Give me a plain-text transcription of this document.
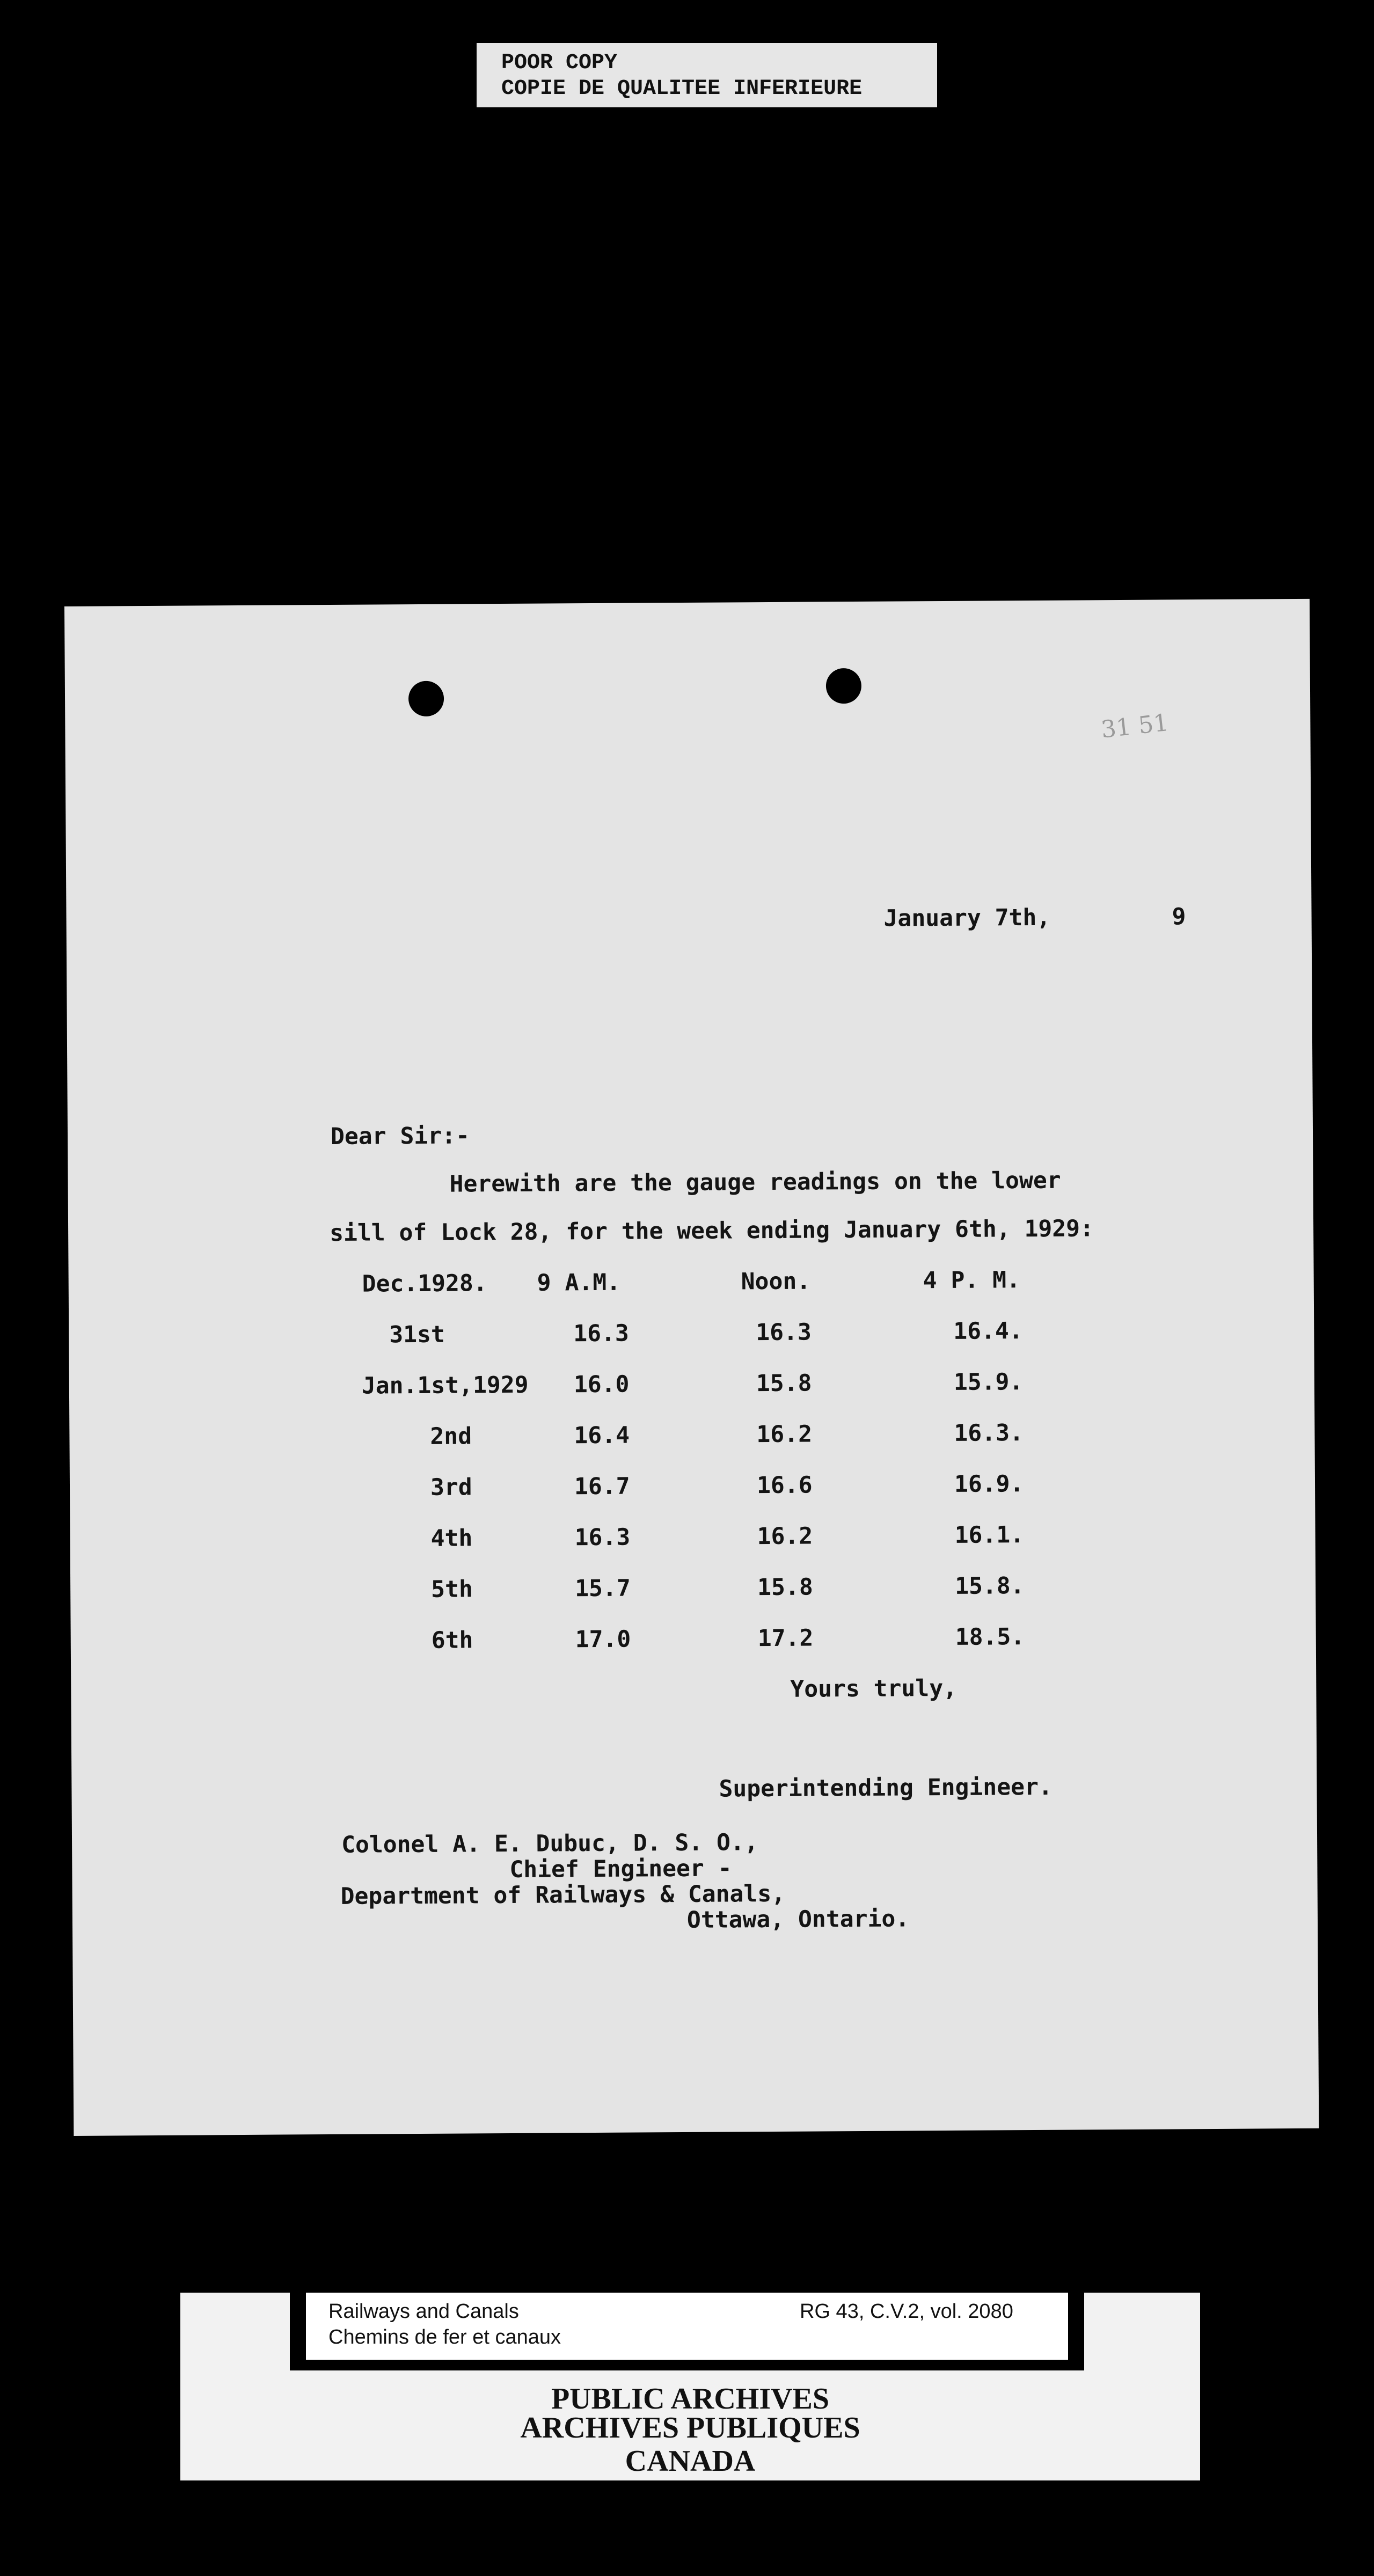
POOR COPY
COPIE DE QUALITEE INFERIEURE
31 51
January 7th,	9
Dear Sir:-
Herewith are the gauge readings on the lower
sill of Lock 28, for the week ending January 6th, 1929:
Dec.1928. 9 A.M.	Noon.	4 P. M.
31st	16.3	16.3	16.4.
Jan.1st,1929 16.0	15.8	15.9.
2nd	16.4	16.2	16.3.
3rd	16.7	16.6	16.9.
4th	16.3	16.2	16.1.
5th	15.7	15.8	15.8.
6th	17.0	17.2	18.5.
Yours truly,
Superintending Engineer.
Colonel A. E. Dubuc, D. S. O.,
Chief Engineer -
Department of Railways & Canals,
Ottawa, Ontario.
Railways and Canals
Chemins de fer et canaux
RG 43, C.V.2, vol. 2080
PUBLIC ARCHIVES
ARCHIVES PUBLIQUES
CANADA
